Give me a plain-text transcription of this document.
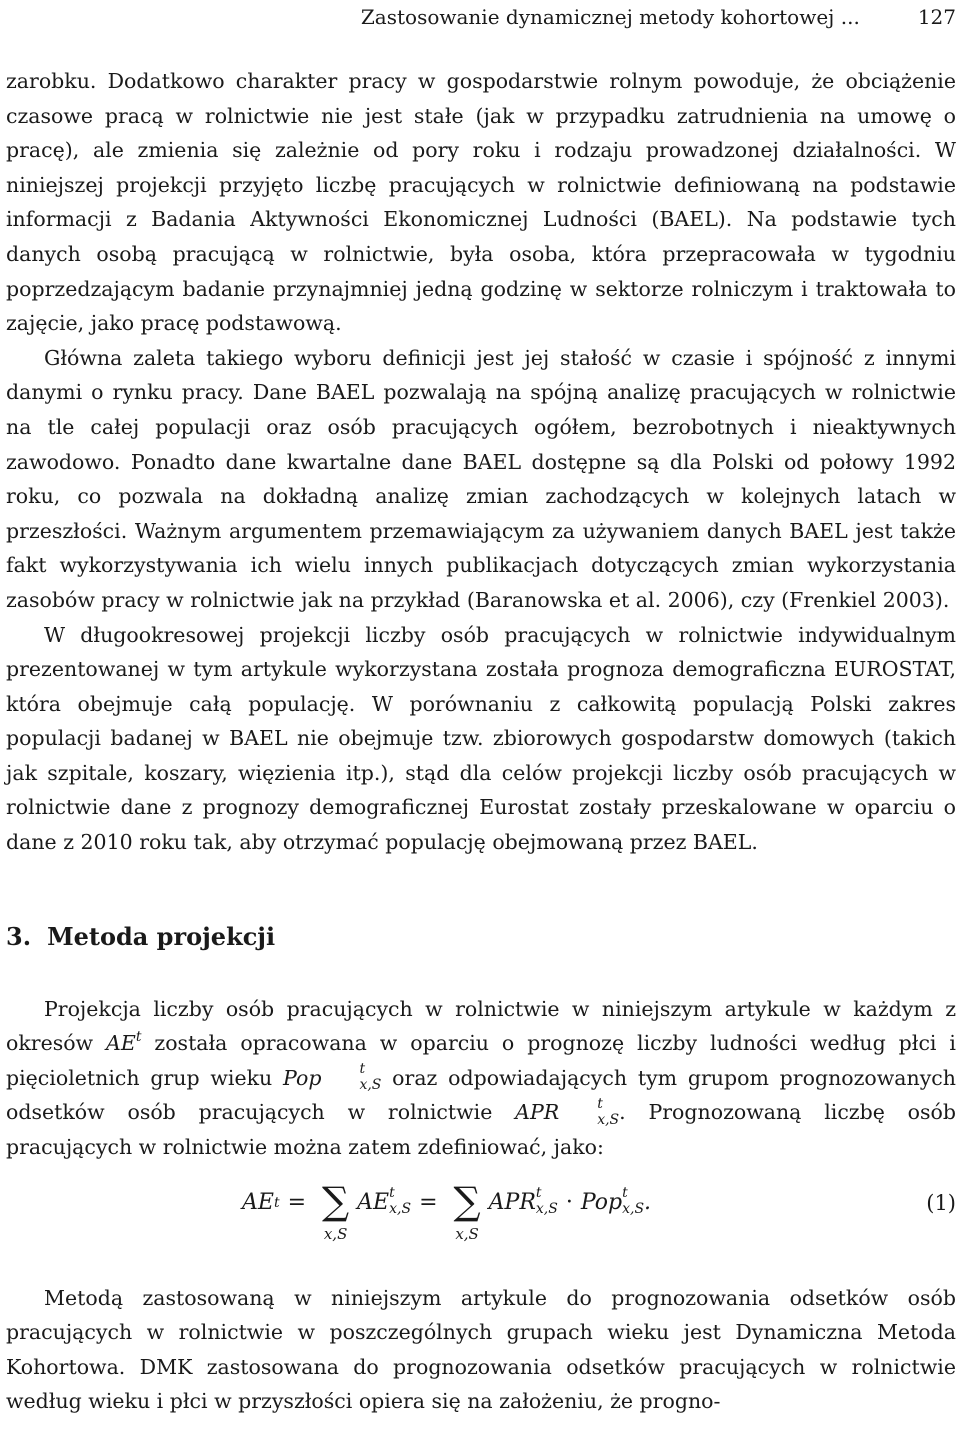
Zastosowanie dynamicznej metody kohortowej ...	127

zarobku. Dodatkowo charakter pracy w gospodarstwie rolnym powoduje, że obciążenie czasowe pracą w rolnictwie nie jest stałe (jak w przypadku zatrudnienia na umowę o pracę), ale zmienia się zależnie od pory roku i rodzaju prowadzonej działalności. W niniejszej projekcji przyjęto liczbę pracujących w rolnictwie definiowaną na podstawie informacji z Badania Aktywności Ekonomicznej Ludności (BAEL). Na podstawie tych danych osobą pracującą w rolnictwie, była osoba, która przepracowała w tygodniu poprzedzającym badanie przynajmniej jedną godzinę w sektorze rolniczym i traktowała to zajęcie, jako pracę podstawową.

Główna zaleta takiego wyboru definicji jest jej stałość w czasie i spójność z innymi danymi o rynku pracy. Dane BAEL pozwalają na spójną analizę pracujących w rolnictwie na tle całej populacji oraz osób pracujących ogółem, bezrobotnych i nieaktywnych zawodowo. Ponadto dane kwartalne dane BAEL dostępne są dla Polski od połowy 1992 roku, co pozwala na dokładną analizę zmian zachodzących w kolejnych latach w przeszłości. Ważnym argumentem przemawiającym za używaniem danych BAEL jest także fakt wykorzystywania ich wielu innych publikacjach dotyczących zmian wykorzystania zasobów pracy w rolnictwie jak na przykład (Baranowska et al. 2006), czy (Frenkiel 2003).

W długookresowej projekcji liczby osób pracujących w rolnictwie indywidualnym prezentowanej w tym artykule wykorzystana została prognoza demograficzna EUROSTAT, która obejmuje całą populację. W porównaniu z całkowitą populacją Polski zakres populacji badanej w BAEL nie obejmuje tzw. zbiorowych gospodarstw domowych (takich jak szpitale, koszary, więzienia itp.), stąd dla celów projekcji liczby osób pracujących w rolnictwie dane z prognozy demograficznej Eurostat zostały przeskalowane w oparciu o dane z 2010 roku tak, aby otrzymać populację obejmowaną przez BAEL.

3. Metoda projekcji

Projekcja liczby osób pracujących w rolnictwie w niniejszym artykule w każdym z okresów $AE^t$ została opracowana w oparciu o prognozę liczby ludności według płci i pięcioletnich grup wieku Pop	t
x,S oraz odpowiadających tym grupom prognozowanych odsetków osób pracujących w rolnictwie APR	t
x,S . Prognozowaną liczbę osób pracujących w rolnictwie można zatem zdefiniować, jako:

AE t = ∑
x,S
AE t
x,S = ∑
x,S
APR t
x,S · Pop t
x,S .	(1)

Metodą zastosowaną w niniejszym artykule do prognozowania odsetków osób pracujących w rolnictwie w poszczególnych grupach wieku jest Dynamiczna Metoda Kohortowa. DMK zastosowana do prognozowania odsetków pracujących w rolnictwie według wieku i płci w przyszłości opiera się na założeniu, że progno-
